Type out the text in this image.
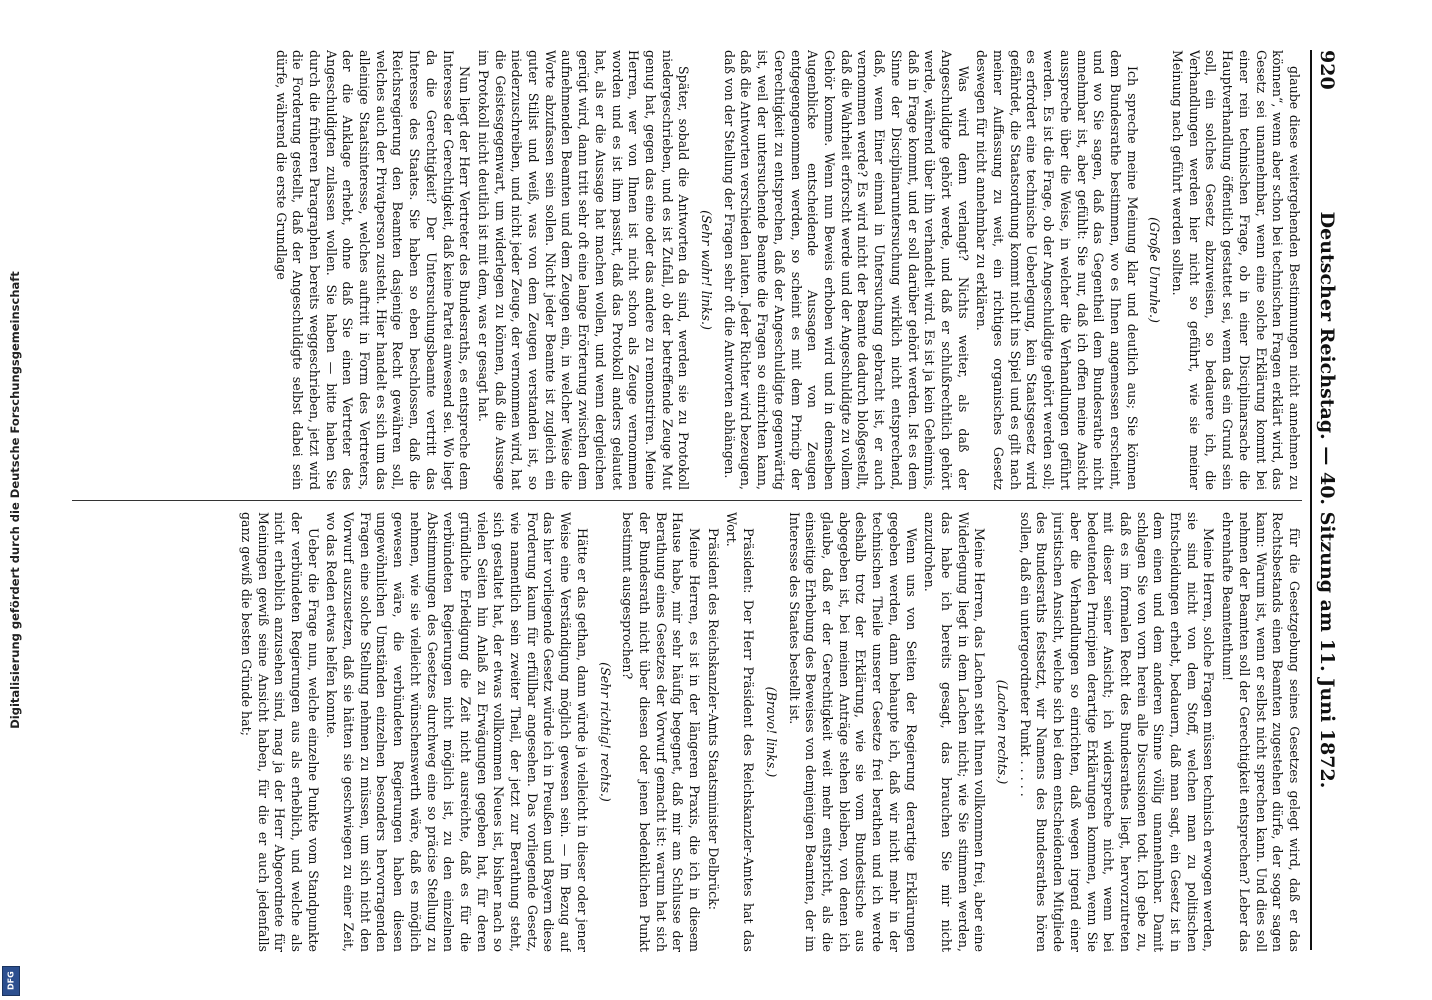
920
Deutscher Reichstag. — 40. Sitzung am 11. Juni 1872.

glaube diese weitergehenden Bestimmungen nicht annehmen zu können“, wenn aber schon bei technischen Fragen erklärt wird, das Gesetz sei unannehmbar, wenn eine solche Erklärung kommt bei einer rein technischen Frage, ob in einer Disciplinarsache die Hauptverhandlung öffentlich gestattet sei, wenn das ein Grund sein soll, ein solches Gesetz abzuweisen, so bedauere ich, die Verhandlungen werden hier nicht so geführt, wie sie meiner Meinung nach geführt werden sollten.

(Große Unruhe.)

Ich spreche meine Meinung klar und deutlich aus; Sie können dem Bundesrathe bestimmen, wo es Ihnen angemessen erscheint, und wo Sie sagen, daß das Gegentheil dem Bundesrathe nicht annehmbar ist, aber gefühlt: Sie nur, daß ich offen meine Ansicht ausspreche über die Weise, in welcher die Verhandlungen geführt werden. Es ist die Frage, ob der Angeschuldigte gehört werden soll; es erfordert eine technische Ueberlegung, kein Staatsgesetz wird gefährdet, die Staatsordnung kommt nicht ins Spiel und es gilt nach meiner Auffassung zu weit, ein richtiges organisches Gesetz deswegen für nicht annehmbar zu erklären.

Was wird denn verlangt? Nichts weiter, als daß der Angeschuldigte gehört werde, und daß er schlußrechtlich gehört werde, während über ihn verhandelt wird. Es ist ja kein Geheimnis, daß in Frage kommt, und er soll darüber gehört werden. Ist es dem Sinne der Disciplinaruntersuchung wirklich nicht entsprechend, daß, wenn Einer einmal in Untersuchung gebracht ist, er auch vernommen werde? Es wird nicht der Beamte dadurch bloßgestellt, daß die Wahrheit erforscht werde und der Angeschuldigte zu vollem Gehör komme. Wenn nun Beweis erhoben wird und in demselben Augenblicke entscheidende Aussagen von Zeugen entgegengenommen werden, so scheint es mit dem Princip der Gerechtigkeit zu entsprechen, daß der Angeschuldigte gegenwärtig ist, weil der untersuchende Beamte die Fragen so einrichten kann, daß die Antworten verschieden lauten. Jeder Richter wird bezeugen, daß von der Stellung der Fragen sehr oft die Antworten abhängen.

(Sehr wahr! links.)

Später, sobald die Antworten da sind, werden sie zu Protokoll niedergeschrieben, und es ist Zufall, ob der betreffende Zeuge Mut genug hat, gegen das eine oder das andere zu remonstriren. Meine Herren, wer von Ihnen ist nicht schon als Zeuge vernommen worden und es ist ihm passirt, daß das Protokoll anders gelautet hat, als er die Aussage hat machen wollen, und wenn dergleichen gerügt wird, dann tritt sehr oft eine lange Erörterung zwischen dem aufnehmenden Beamten und dem Zeugen ein, in welcher Weise die Worte abzufassen sein sollen. Nicht jeder Beamte ist zugleich ein guter Stilist und weiß, was von dem Zeugen verstanden ist, so niederzuschreiben, und nicht jeder Zeuge, der vernommen wird, hat die Geistesgegenwart, um widerlegen zu können, daß die Aussage im Protokoll nicht deutlich ist mit dem, was er gesagt hat.

Nun liegt der Herr Vertreter des Bundesraths, es entspreche dem Interesse der Gerechtigkeit, daß keine Partei anwesend sei. Wo liegt da die Gerechtigkeit? Der Untersuchungsbeamte vertritt das Interesse des Staates. Sie haben so eben beschlossen, daß die Reichsregierung den Beamten dasjenige Recht gewähren soll, welches auch der Privatperson zusteht. Hier handelt es sich um das alleinige Staatsinteresse, welches auftritt in Form des Vertreters, der die Anklage erhebt, ohne daß Sie einen Vertreter des Angeschuldigten zulassen wollen. Sie haben — bitte haben Sie durch die früheren Paragraphen bereits weggeschrieben, jetzt wird die Forderung gestellt, daß der Angeschuldigte selbst dabei sein dürfe, während die erste Grundlage

für die Gesetzgebung seines Gesetzes gelegt wird, daß er das Rechtsbestands einen Beamten zugestehen dürfe, der sogar sagen kann: Warum ist, wenn er selbst nicht sprechen kann. Und dies soll nehmen der Beamten soll der Gerechtigkeit entsprechen? Leber das ehrenhafte Beamtenthum!

Meine Herren, solche Fragen müssen technisch erwogen werden, sie sind nicht von dem Stoff, welchen man zu politischen Entscheidungen erhebt, bedauern, daß man sagt, ein Gesetz ist in dem einen und dem anderen Sinne völlig unannehmbar. Damit schlagen Sie von vorn herein alle Discussionen todt. Ich gebe zu, daß es im formalen Recht des Bundesrathes liegt, hervorzutreten mit dieser seiner Ansicht; ich widerspreche nicht, wenn bei bedeutenden Principien derartige Erklärungen kommen, wenn Sie aber die Verhandlungen so einrichten, daß wegen irgend einer juristischen Ansicht, welche sich bei dem entscheidenden Mitgliede des Bundesraths festsetzt, wir Namens des Bundesrathes hören sollen, daß ein untergeordneter Punkt . . . . .

(Lachen rechts.)

Meine Herren, das Lachen steht Ihnen vollkommen frei, aber eine Widerlegung liegt in dem Lachen nicht; wie Sie stimmen werden, das habe ich bereits gesagt, das brauchen Sie mir nicht anzudrohen.

Wenn uns von Seiten der Regierung derartige Erklärungen gegeben werden, dann behaupte ich, daß wir nicht mehr in der technischen Theile unserer Gesetze frei berathen und ich werde deshalb trotz der Erklärung, wie sie vom Bundestische aus abgegeben ist, bei meinen Anträge stehen bleiben, von denen ich glaube, daß er der Gerechtigkeit weit mehr entspricht, als die einseitige Erhebung des Beweises von demjenigen Beamten, der im Interesse des Staates bestellt ist.

(Bravo! links.)

Präsident: Der Herr Präsident des Reichskanzler-Amtes hat das Wort.

Präsident des Reichskanzler-Amts Staatsminister Delbrück:

Meine Herren, es ist in der längeren Praxis, die ich in diesem Hause habe, mir sehr häufig begegnet, daß mir am Schlusse der Berathung eines Gesetzes der Vorwurf gemacht ist: warum hat sich der Bundesrath nicht über diesen oder jenen bedenklichen Punkt bestimmt ausgesprochen?

(Sehr richtig! rechts.)

Hätte er das gethan, dann würde ja vielleicht in dieser oder jener Weise eine Verständigung möglich gewesen sein. — Im Bezug auf das hier vorliegende Gesetz würde ich in Preußen und Bayern diese Forderung kaum für erfüllbar angesehen. Das vorliegende Gesetz, wie namentlich sein zweiter Theil, der jetzt zur Berathung steht, sich gestaltet hat, der etwas vollkommen Neues ist, bisher nach so vielen Seiten hin Anlaß zu Erwägungen gegeben hat, für deren gründliche Erledigung die Zeit nicht ausreichte, daß es für die verbündeten Regierungen nicht möglich ist, zu den einzelnen Abstimmungen des Gesetzes durchweg eine so präcise Stellung zu nehmen, wie sie vielleicht wünschenswerth wäre, daß es möglich gewesen wäre, die verbündeten Regierungen haben diesen ungewöhnlichen Umständen einzelnen besonders hervorragenden Fragen eine solche Stellung nehmen zu müssen, um sich nicht den Vorwurf auszusetzen, daß sie hätten sie geschwiegen zu einer Zeit, wo das Reden etwas helfen konnte.

Ueber die Frage nun, welche einzelne Punkte vom Standpunkte der verbündeten Regierungen aus als erheblich, und welche als nicht erheblich anzusehen sind, mag ja der Herr Abgeordnete für Meiningen gewiß seine Ansicht haben, für die er auch jedenfalls ganz gewiß die besten Gründe hat;

Digitalisierung gefördert durch die Deutsche Forschungsgemeinschaft
DFG
